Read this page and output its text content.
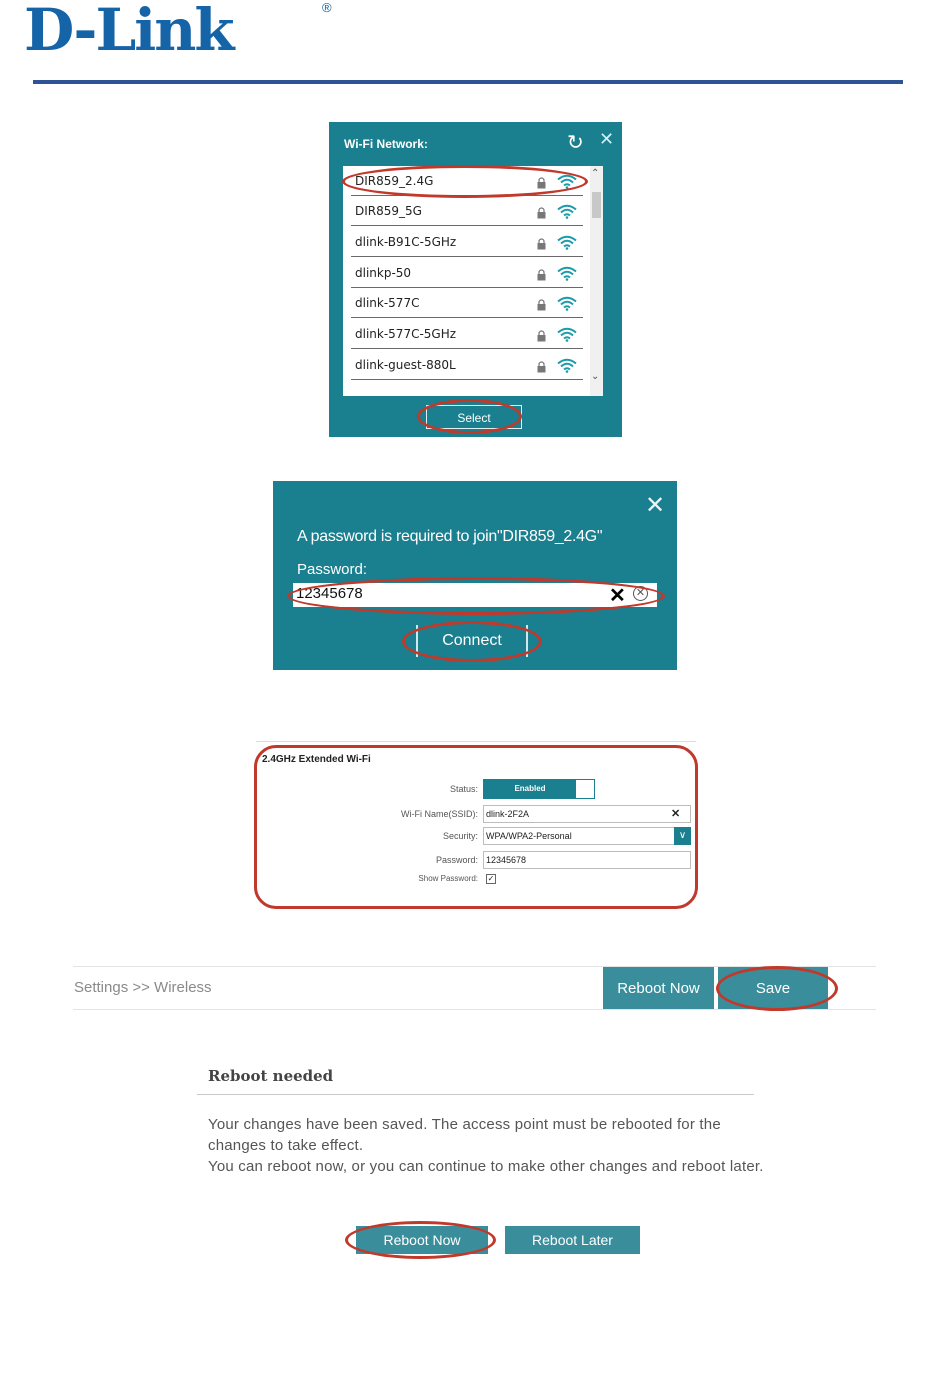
D-Link	®
Wi-Fi Network:	↻ ✕
DIR859_2.4G
DIR859_5G
dlink-B91C-5GHz
dlinkp-50
dlink-577C
dlink-577C-5GHz
dlink-guest-880L
⌃
⌄
Select
✕
A password is required to join"DIR859_2.4G"
Password:
12345678	✕ ✕
Connect
2.4GHz Extended Wi-Fi
Status:	Enabled
Wi-Fi Name(SSID): dlink-2F2A	✕
Security: WPA/WPA2-Personal	∨
Password: 12345678
Show Password: ✓
Settings >> Wireless	Reboot Now	Save
Reboot needed
Your changes have been saved. The access point must be rebooted for the changes to take effect.
You can reboot now, or you can continue to make other changes and reboot later.
Reboot Now	Reboot Later
